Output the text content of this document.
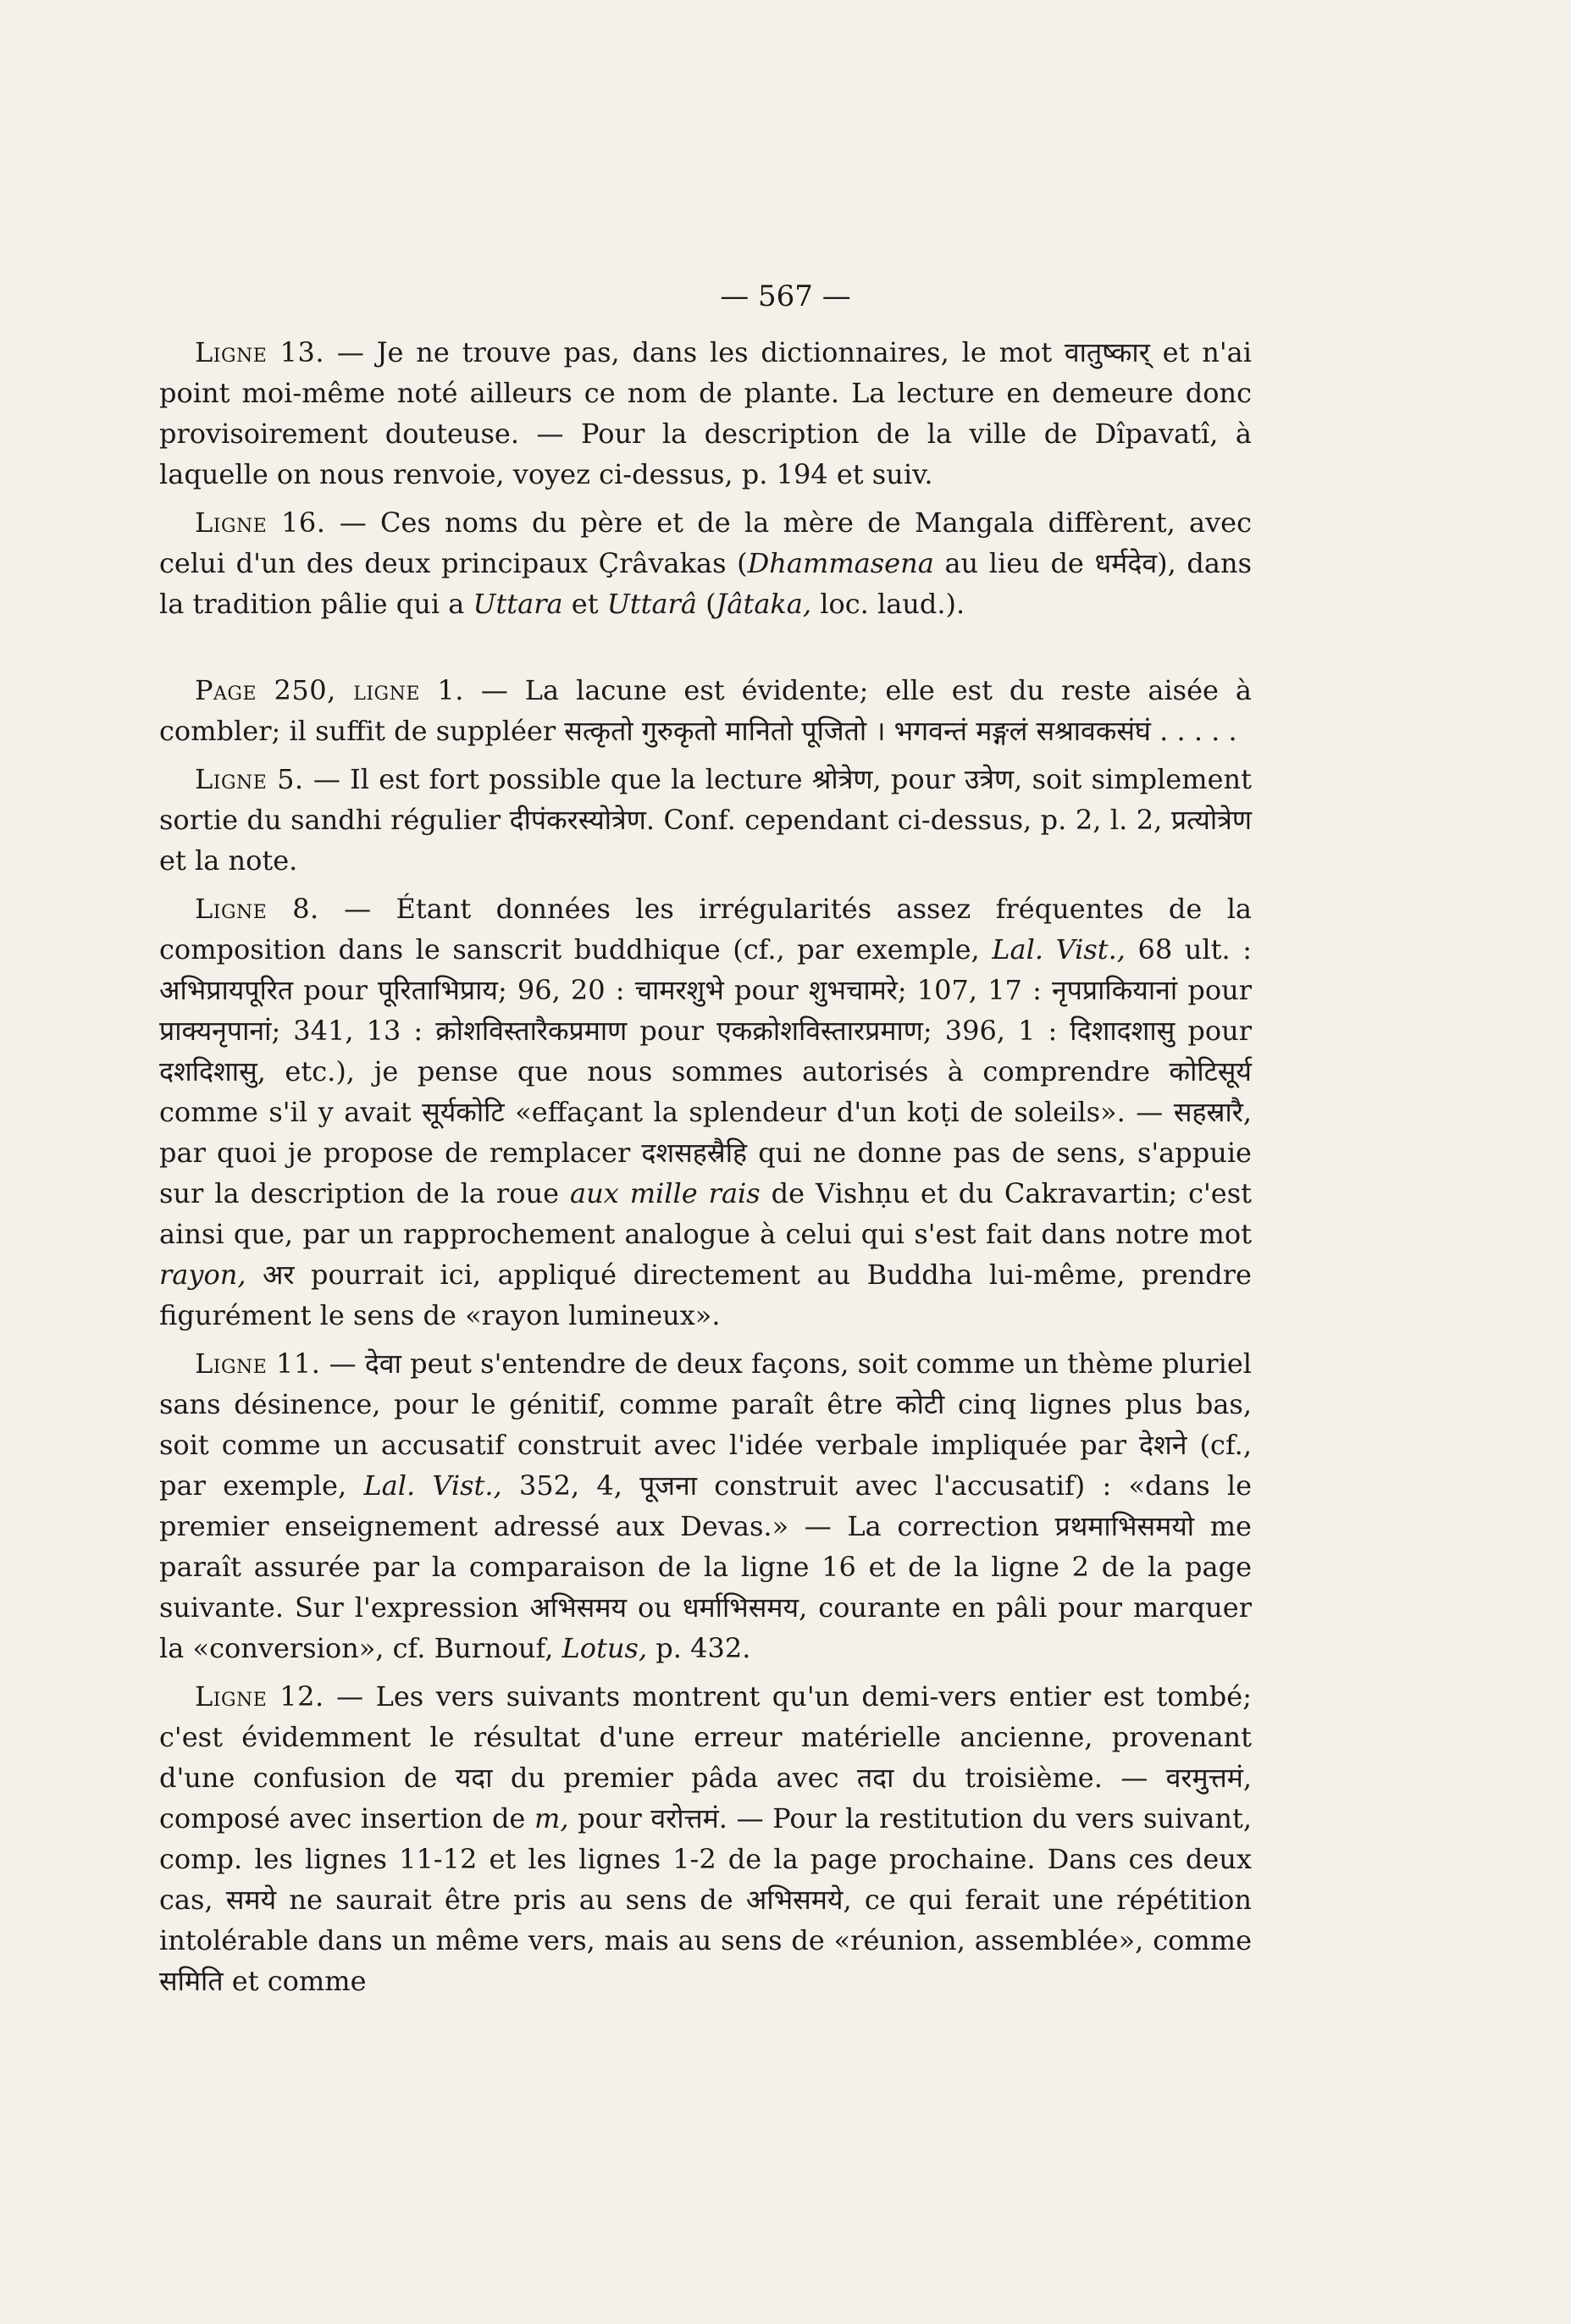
— 567 —

Ligne 13. — Je ne trouve pas, dans les dictionnaires, le mot वातुष्कार् et n'ai point moi-même noté ailleurs ce nom de plante. La lecture en demeure donc provisoirement douteuse. — Pour la description de la ville de Dîpavatî, à laquelle on nous renvoie, voyez ci-dessus, p. 194 et suiv.

Ligne 16. — Ces noms du père et de la mère de Mangala diffèrent, avec celui d'un des deux principaux Çrâvakas (Dhammasena au lieu de धर्मदेव), dans la tradition pâlie qui a Uttara et Uttarâ (Jâtaka, loc. laud.).

Page 250, ligne 1. — La lacune est évidente; elle est du reste aisée à combler; il suffit de suppléer सत्कृतो गुरुकृतो मानितो पूजितो । भगवन्तं मङ्गलं सश्रावकसंघं . . . . .

Ligne 5. — Il est fort possible que la lecture श्रोत्रेण, pour उत्रेण, soit simplement sortie du sandhi régulier दीपंकरस्योत्रेण. Conf. cependant ci-dessus, p. 2, l. 2, प्रत्योत्रेण et la note.

Ligne 8. — Étant données les irrégularités assez fréquentes de la composition dans le sanscrit buddhique (cf., par exemple, Lal. Vist., 68 ult. : अभिप्रायपूरित pour पूरिताभिप्राय; 96, 20 : चामरशुभे pour शुभचामरे; 107, 17 : नृपप्राकियानां pour प्राक्यनृपानां; 341, 13 : क्रोशविस्तारैकप्रमाण pour एकक्रोशविस्तारप्रमाण; 396, 1 : दिशादशासु pour दशदिशासु, etc.), je pense que nous sommes autorisés à comprendre कोटिसूर्य comme s'il y avait सूर्यकोटि «effaçant la splendeur d'un koṭi de soleils». — सहस्रारै, par quoi je propose de remplacer दशसहस्रैहि qui ne donne pas de sens, s'appuie sur la description de la roue aux mille rais de Vishṇu et du Cakravartin; c'est ainsi que, par un rapprochement analogue à celui qui s'est fait dans notre mot rayon, अर pourrait ici, appliqué directement au Buddha lui-même, prendre figurément le sens de «rayon lumineux».

Ligne 11. — देवा peut s'entendre de deux façons, soit comme un thème pluriel sans désinence, pour le génitif, comme paraît être कोटी cinq lignes plus bas, soit comme un accusatif construit avec l'idée verbale impliquée par देशने (cf., par exemple, Lal. Vist., 352, 4, पूजना construit avec l'accusatif) : «dans le premier enseignement adressé aux Devas.» — La correction प्रथमाभिसमयो me paraît assurée par la comparaison de la ligne 16 et de la ligne 2 de la page suivante. Sur l'expression अभिसमय ou धर्माभिसमय, courante en pâli pour marquer la «conversion», cf. Burnouf, Lotus, p. 432.

Ligne 12. — Les vers suivants montrent qu'un demi-vers entier est tombé; c'est évidemment le résultat d'une erreur matérielle ancienne, provenant d'une confusion de यदा du premier pâda avec तदा du troisième. — वरमुत्तमं, composé avec insertion de m, pour वरोत्तमं. — Pour la restitution du vers suivant, comp. les lignes 11-12 et les lignes 1-2 de la page prochaine. Dans ces deux cas, समये ne saurait être pris au sens de अभिसमये, ce qui ferait une répétition intolérable dans un même vers, mais au sens de «réunion, assemblée», comme समिति et comme
